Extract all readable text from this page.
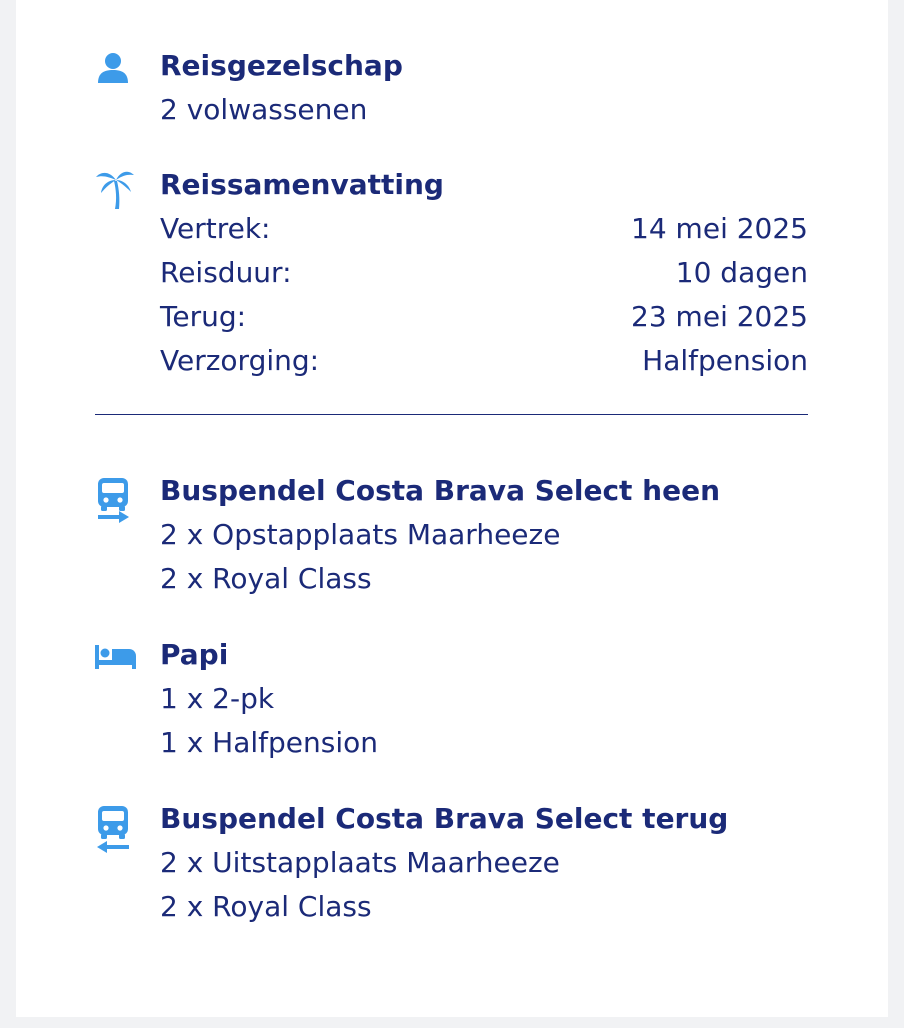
Reisgezelschap
2 volwassenen
Reissamenvatting
Vertrek:	14 mei 2025
Reisduur:	10 dagen
Terug:	23 mei 2025
Verzorging:	Halfpension
Buspendel Costa Brava Select heen
2 x Opstapplaats Maarheeze
2 x Royal Class
Papi
1 x 2-pk
1 x Halfpension
Buspendel Costa Brava Select terug
2 x Uitstapplaats Maarheeze
2 x Royal Class
